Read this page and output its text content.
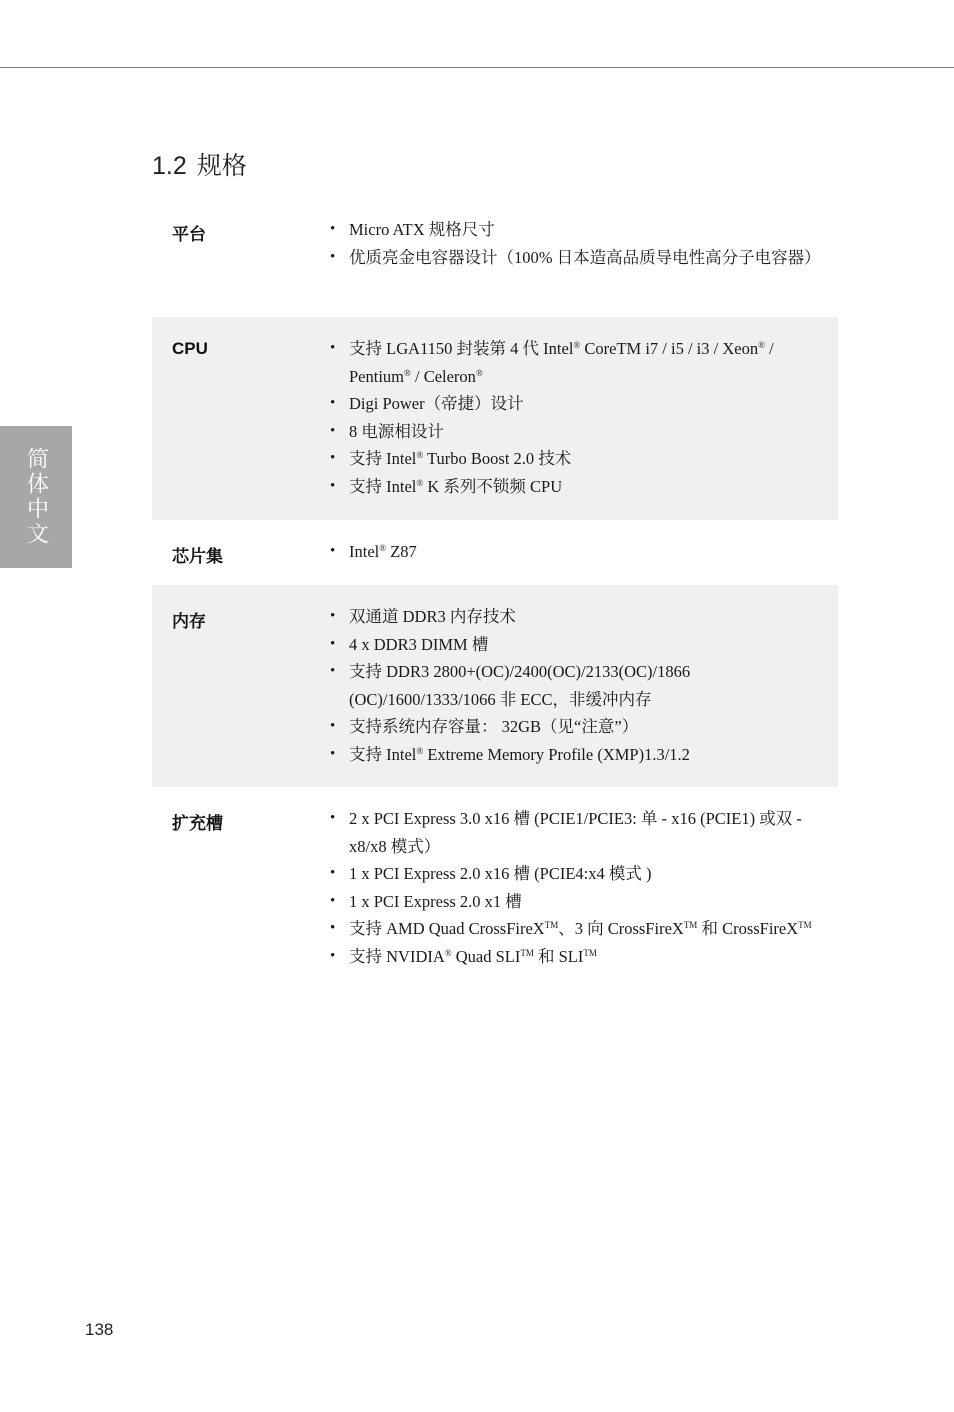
简体中文
1.2 规格
平台	• Micro ATX 规格尺寸
• 优质亮金电容器设计（100% 日本造高品质导电性高分子电容器）
CPU	• 支持 LGA1150 封装第 4 代 Intel® CoreTM i7 / i5 / i3 / Xeon® / Pentium® / Celeron®
• Digi Power（帝捷）设计
• 8 电源相设计
• 支持 Intel® Turbo Boost 2.0 技术
• 支持 Intel® K 系列不锁频 CPU
芯片集	• Intel® Z87
内存	• 双通道 DDR3 内存技术
• 4 x DDR3 DIMM 槽
• 支持 DDR3 2800+(OC)/2400(OC)/2133(OC)/1866 (OC)/1600/1333/1066 非 ECC，非缓冲内存
• 支持系统内存容量： 32GB（见“注意”）
• 支持 Intel® Extreme Memory Profile (XMP)1.3/1.2
扩充槽	• 2 x PCI Express 3.0 x16 槽 (PCIE1/PCIE3: 单 - x16 (PCIE1) 或双 - x8/x8 模式）
• 1 x PCI Express 2.0 x16 槽 (PCIE4:x4 模式 )
• 1 x PCI Express 2.0 x1 槽
• 支持 AMD Quad CrossFireX™、3 向 CrossFireX™ 和 CrossFireX™
• 支持 NVIDIA® Quad SLI™ 和 SLI™
138
